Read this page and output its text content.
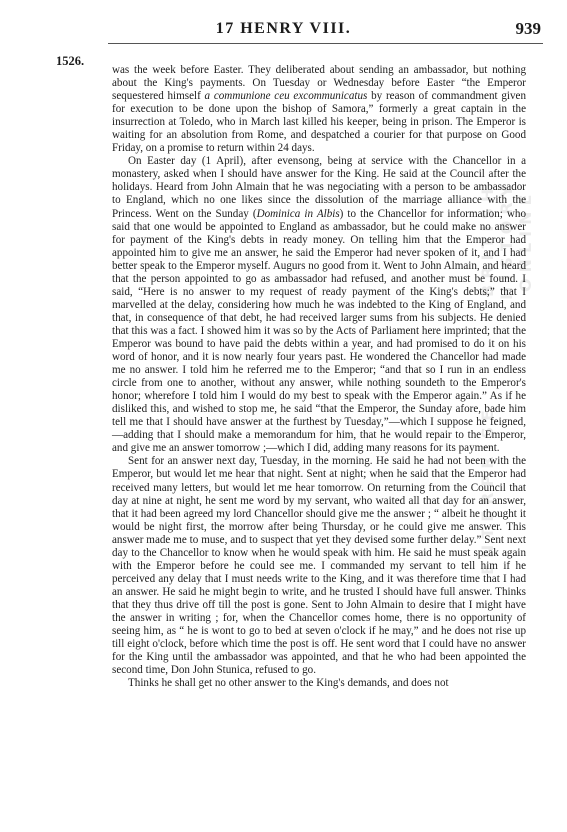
17 HENRY VIII.	939
1526.
BRITISH HISTORY ONLINE
ENTERPRISE

was the week before Easter. They deliberated about sending an ambassador, but nothing about the King's payments. On Tuesday or Wednesday before Easter “the Emperor sequestered himself a communione ceu excommunicatus by reason of commandment given for execution to be done upon the bishop of Samora,” formerly a great captain in the insurrection at Toledo, who in March last killed his keeper, being in prison. The Emperor is waiting for an absolution from Rome, and despatched a courier for that purpose on Good Friday, on a promise to return within 24 days.

On Easter day (1 April), after evensong, being at service with the Chancellor in a monastery, asked when I should have answer for the King. He said at the Council after the holidays. Heard from John Almain that he was negociating with a person to be ambassador to England, which no one likes since the dissolution of the marriage alliance with the Princess. Went on the Sunday (Dominica in Albis) to the Chancellor for information; who said that one would be appointed to England as ambassador, but he could make no answer for payment of the King's debts in ready money. On telling him that the Emperor had appointed him to give me an answer, he said the Emperor had never spoken of it, and I had better speak to the Emperor myself. Augurs no good from it. Went to John Almain, and heard that the person appointed to go as ambassador had refused, and another must be found. I said, “Here is no answer to my request of ready payment of the King's debts;” that I marvelled at the delay, considering how much he was indebted to the King of England, and that, in consequence of that debt, he had received larger sums from his subjects. He denied that this was a fact. I showed him it was so by the Acts of Parliament here imprinted; that the Emperor was bound to have paid the debts within a year, and had promised to do it on his word of honor, and it is now nearly four years past. He wondered the Chancellor had made me no answer. I told him he referred me to the Emperor; “and that so I run in an endless circle from one to another, without any answer, while nothing soundeth to the Emperor's honor; wherefore I told him I would do my best to speak with the Emperor again.” As if he disliked this, and wished to stop me, he said “that the Emperor, the Sunday afore, bade him tell me that I should have answer at the furthest by Tuesday,”—which I suppose he feigned,—adding that I should make a memorandum for him, that he would repair to the Emperor, and give me an answer tomorrow ;—which I did, adding many reasons for its payment.

Sent for an answer next day, Tuesday, in the morning. He said he had not been with the Emperor, but would let me hear that night. Sent at night; when he said that the Emperor had received many letters, but would let me hear tomorrow. On returning from the Council that day at nine at night, he sent me word by my servant, who waited all that day for an answer, that it had been agreed my lord Chancellor should give me the answer ; “ albeit he thought it would be night first, the morrow after being Thursday, or he could give me answer. This answer made me to muse, and to suspect that yet they devised some further delay.” Sent next day to the Chancellor to know when he would speak with him. He said he must speak again with the Emperor before he could see me. I commanded my servant to tell him if he perceived any delay that I must needs write to the King, and it was therefore time that I had an answer. He said he might begin to write, and he trusted I should have full answer. Thinks that they thus drive off till the post is gone. Sent to John Almain to desire that I might have the answer in writing ; for, when the Chancellor comes home, there is no opportunity of seeing him, as “ he is wont to go to bed at seven o'clock if he may,” and he does not rise up till eight o'clock, before which time the post is off. He sent word that I could have no answer for the King until the ambassador was appointed, and that he who had been appointed the second time, Don John Stunica, refused to go.

Thinks he shall get no other answer to the King's demands, and does not
